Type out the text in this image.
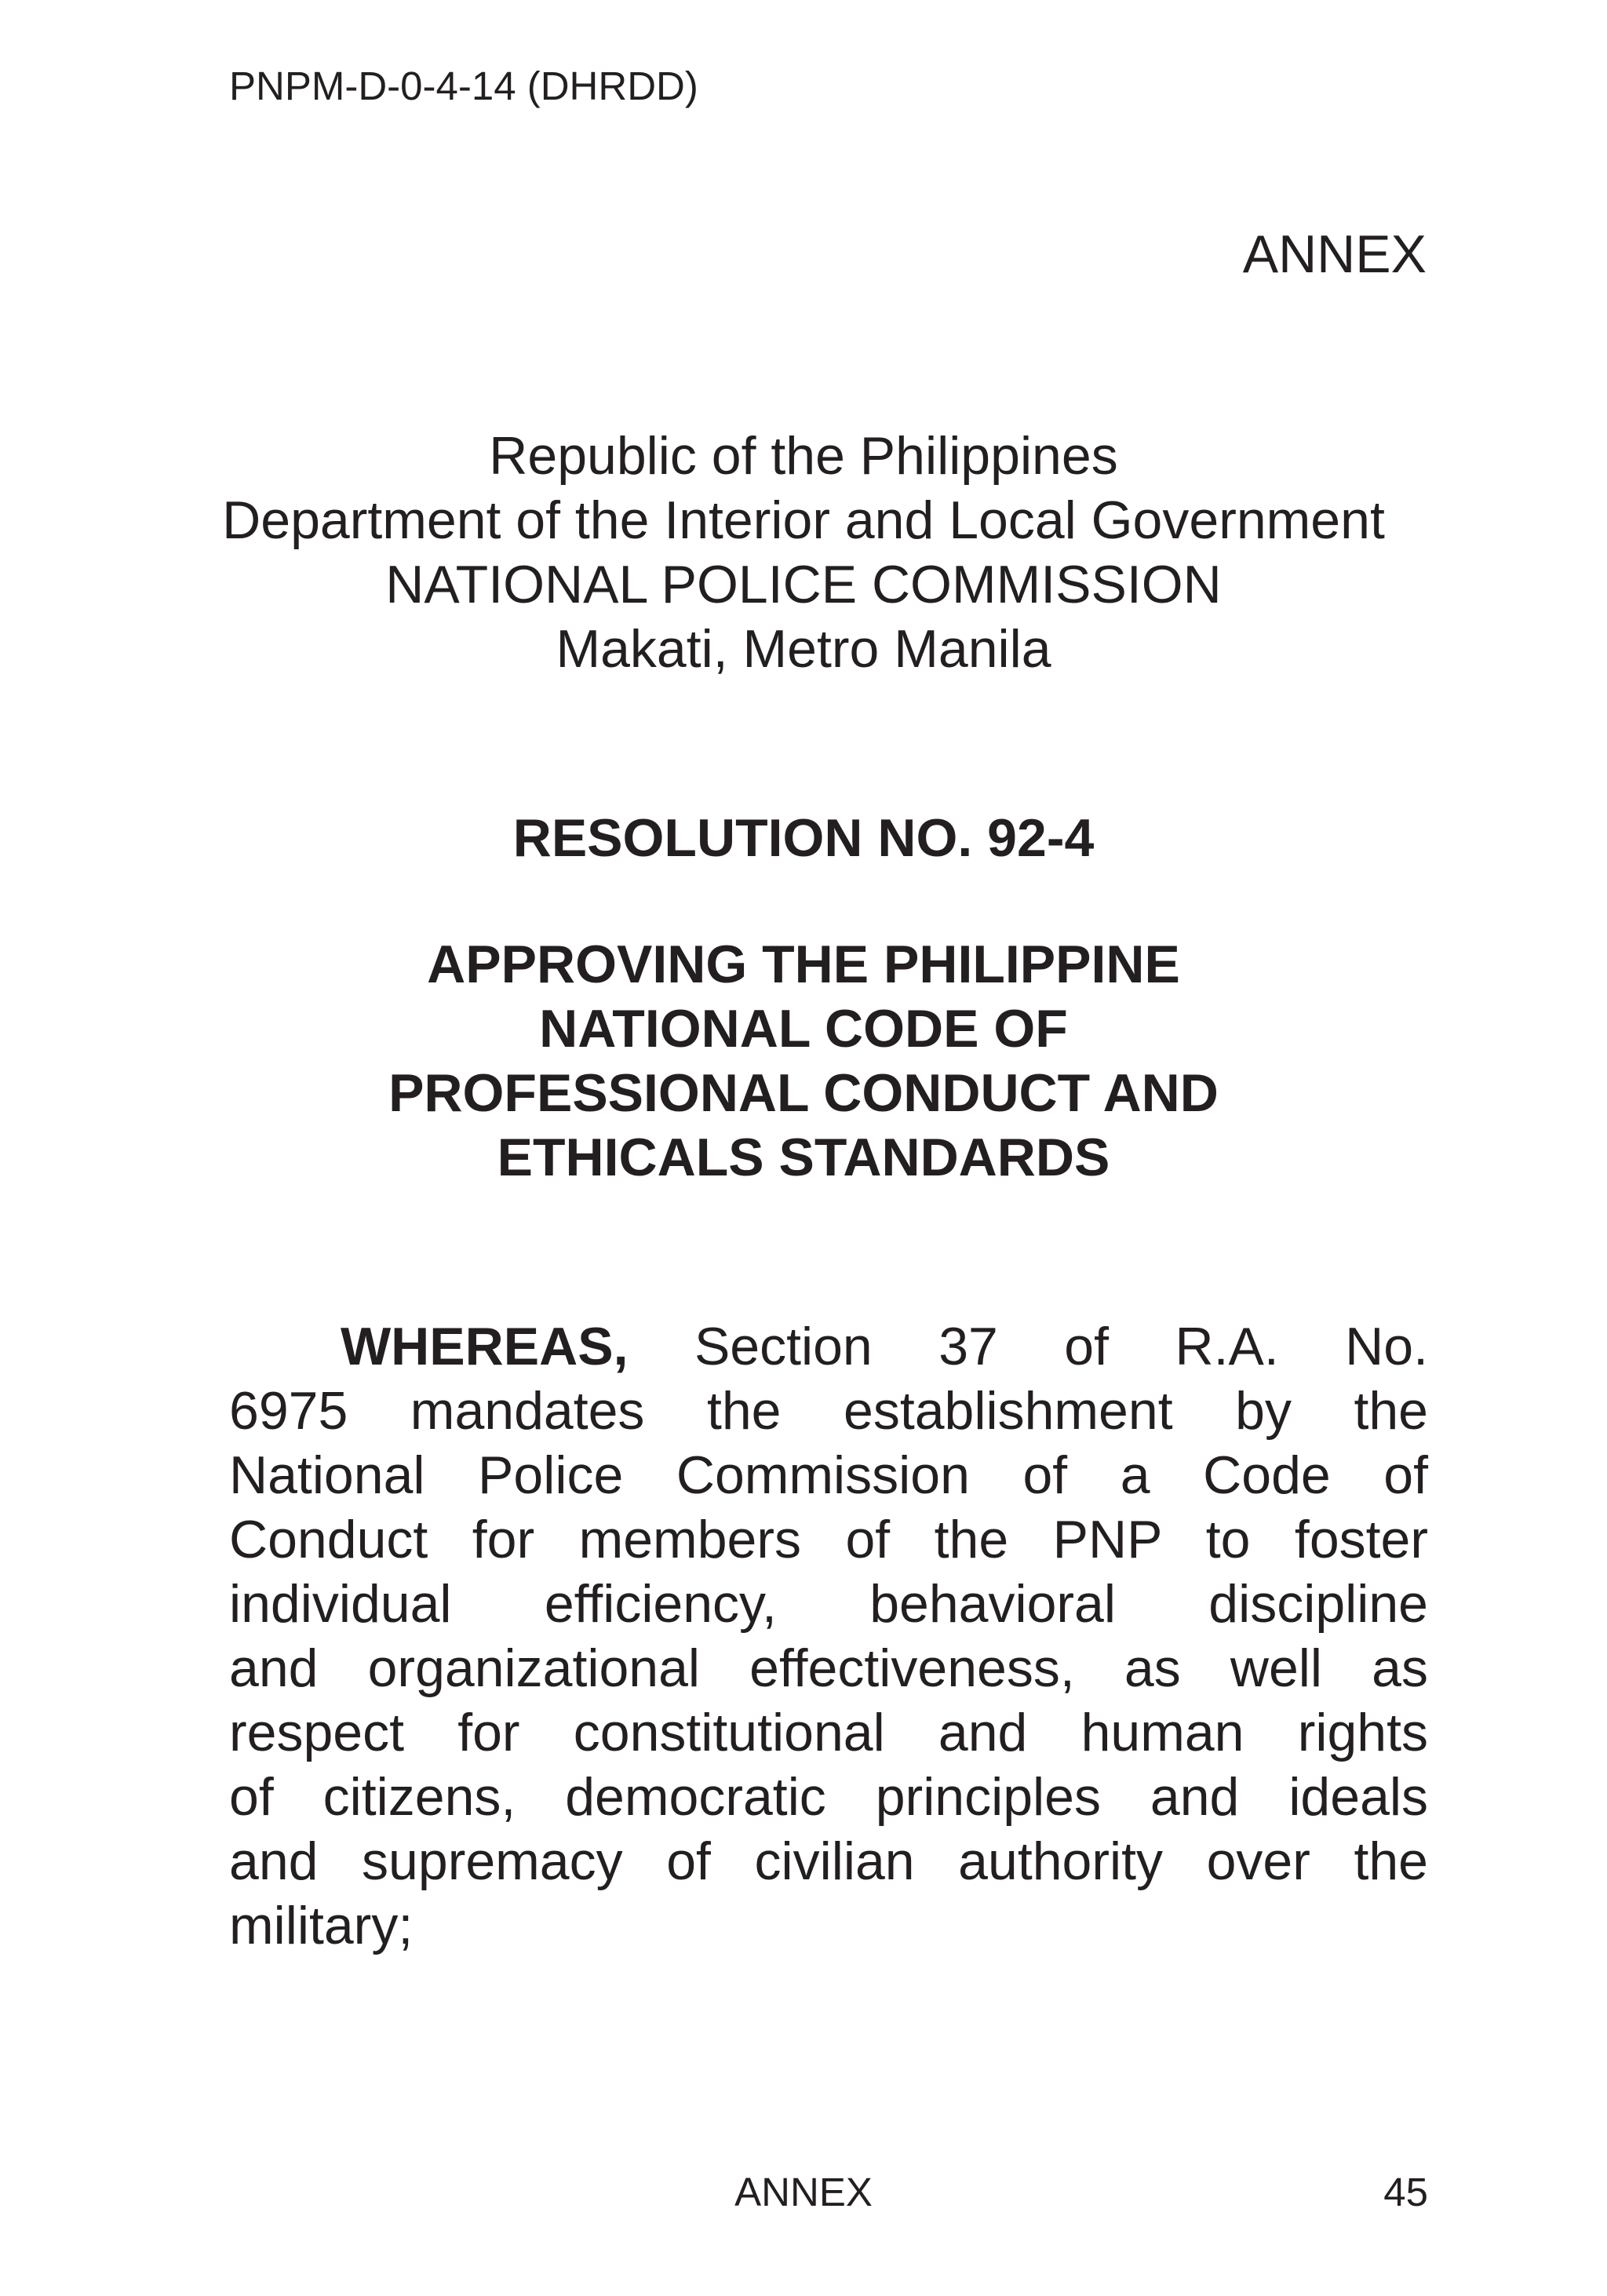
PNPM-D-0-4-14 (DHRDD)
ANNEX
Republic of the Philippines
Department of the Interior and Local Government
NATIONAL POLICE COMMISSION
Makati, Metro Manila
RESOLUTION NO. 92-4
APPROVING THE PHILIPPINE
NATIONAL CODE OF
PROFESSIONAL CONDUCT AND
ETHICALS STANDARDS
WHEREAS, Section 37 of R.A. No.
6975 mandates the establishment by the
National Police Commission of a Code of
Conduct for members of the PNP to foster
individual efficiency, behavioral discipline
and organizational effectiveness, as well as
respect for constitutional and human rights
of citizens, democratic principles and ideals
and supremacy of civilian authority over the
military;
ANNEX	45
